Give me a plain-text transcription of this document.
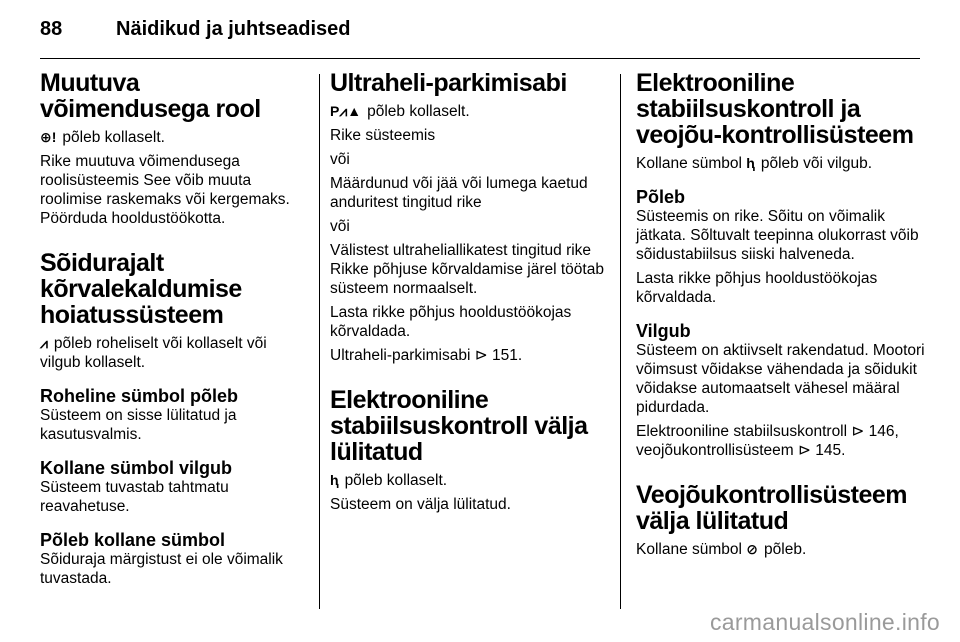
88	Näidikud ja juhtseadised
Muutuva võimendusega rool

⊕! põleb kollaselt.

Rike muutuva võimendusega roolisüsteemis See võib muuta roolimise raskemaks või kergemaks. Pöörduda hooldustöökotta.

Sõidurajalt kõrvalekaldumise hoiatussüsteem

⩘ põleb roheliselt või kollaselt või vilgub kollaselt.

Roheline sümbol põleb

Süsteem on sisse lülitatud ja kasutusvalmis.

Kollane sümbol vilgub

Süsteem tuvastab tahtmatu reavahetuse.

Põleb kollane sümbol

Sõiduraja märgistust ei ole võimalik tuvastada.

Ultraheli-parkimisabi

P⩘▲ põleb kollaselt.

Rike süsteemis

või

Määrdunud või jää või lumega kaetud anduritest tingitud rike

või

Välistest ultraheliallikatest tingitud rike Rikke põhjuse kõrvaldamise järel töötab süsteem normaalselt.

Lasta rikke põhjus hooldustöökojas kõrvaldada.

Ultraheli-parkimisabi ⊳ 151.

Elektrooniline stabiilsuskontroll välja lülitatud

ⱨ põleb kollaselt.

Süsteem on välja lülitatud.

Elektrooniline stabiilsuskontroll ja veojõu-kontrollisüsteem

Kollane sümbol ⱨ põleb või vilgub.

Põleb

Süsteemis on rike. Sõitu on võimalik jätkata. Sõltuvalt teepinna olukorrast võib sõidustabiilsus siiski halveneda.

Lasta rikke põhjus hooldustöökojas kõrvaldada.

Vilgub

Süsteem on aktiivselt rakendatud. Mootori võimsust võidakse vähendada ja sõidukit võidakse automaatselt vähesel määral pidurdada.

Elektrooniline stabiilsuskontroll ⊳ 146, veojõukontrollisüsteem ⊳ 145.

Veojõukontrollisüsteem välja lülitatud

Kollane sümbol ⊘ põleb.

carmanualsonline.info
